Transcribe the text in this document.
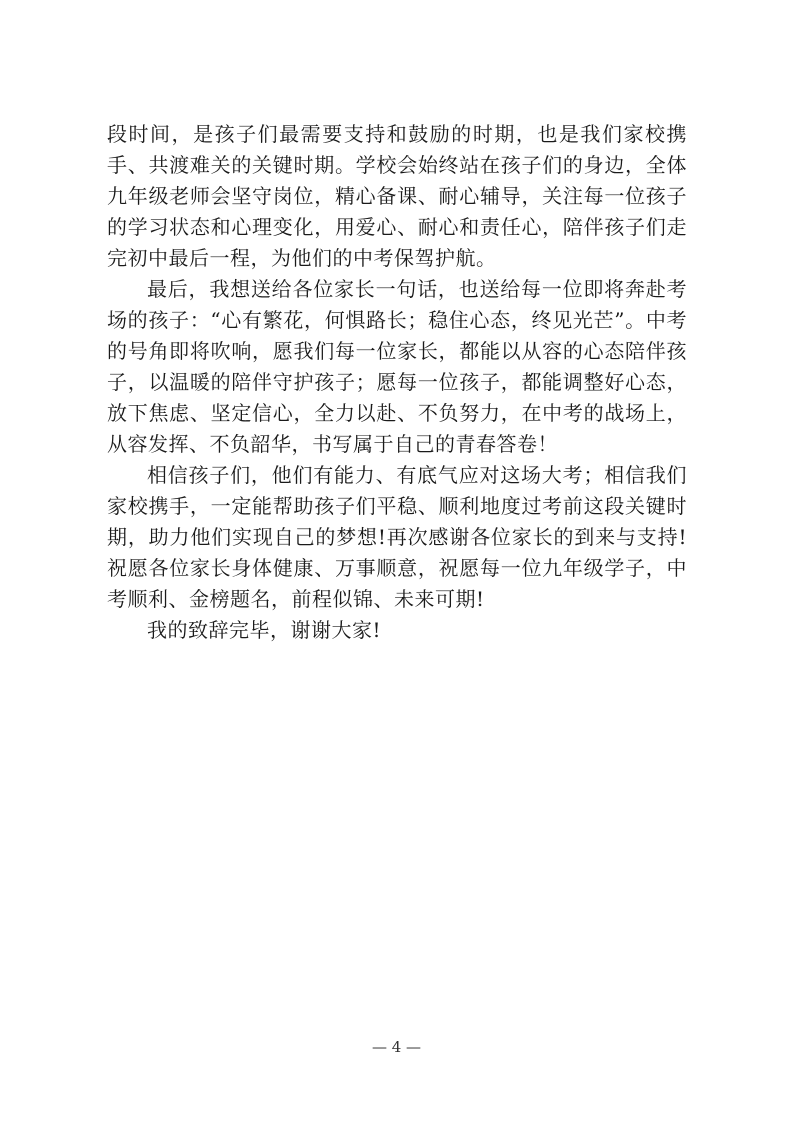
段时间，是孩子们最需要支持和鼓励的时期，也是我们家校携手、共渡难关的关键时期。学校会始终站在孩子们的身边，全体九年级老师会坚守岗位，精心备课、耐心辅导，关注每一位孩子的学习状态和心理变化，用爱心、耐心和责任心，陪伴孩子们走完初中最后一程，为他们的中考保驾护航。

最后，我想送给各位家长一句话，也送给每一位即将奔赴考场的孩子：“心有繁花，何惧路长；稳住心态，终见光芒”。中考的号角即将吹响，愿我们每一位家长，都能以从容的心态陪伴孩子，以温暖的陪伴守护孩子；愿每一位孩子，都能调整好心态，放下焦虑、坚定信心，全力以赴、不负努力，在中考的战场上，从容发挥、不负韶华，书写属于自己的青春答卷！

相信孩子们，他们有能力、有底气应对这场大考；相信我们家校携手，一定能帮助孩子们平稳、顺利地度过考前这段关键时期，助力他们实现自己的梦想!再次感谢各位家长的到来与支持!祝愿各位家长身体健康、万事顺意，祝愿每一位九年级学子，中考顺利、金榜题名，前程似锦、未来可期!

我的致辞完毕，谢谢大家!

— 4 —
